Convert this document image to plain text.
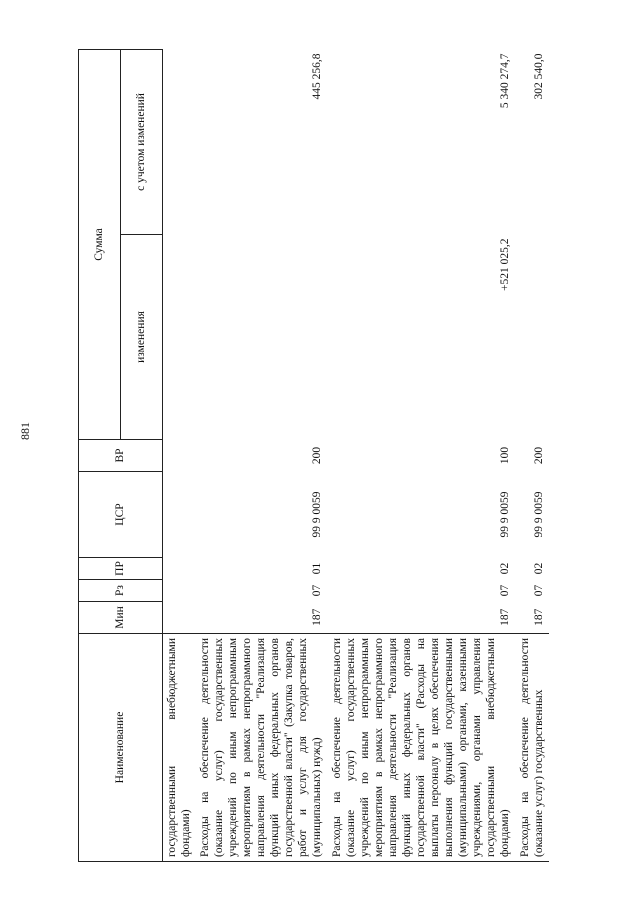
881
Наименование	Мин	Рз	ПР	ЦСР	ВР	Сумма	
						изменения	с учетом изменений
государственными внебюджетными фондами)							
Расходы на обеспечение деятельности (оказание услуг) государственных учреждений по иным непрограммным мероприятиям в рамках непрограммного направления деятельности "Реализация функций иных федеральных органов государственной власти" (Закупка товаров, работ и услуг для государственных (муниципальных) нужд)	187	07	01	99 9 0059	200		445 256,8
Расходы на обеспечение деятельности (оказание услуг) государственных учреждений по иным непрограммным мероприятиям в рамках непрограммного направления деятельности "Реализация функций иных федеральных органов государственной власти" (Расходы на выплаты персоналу в целях обеспечения выполнения функций государственными (муниципальными) органами, казенными учреждениями, органами управления государственными внебюджетными фондами)	187	07	02	99 9 0059	100	+521 025,2	5 340 274,7
Расходы на обеспечение деятельности (оказание услуг) государственных	187	07	02	99 9 0059	200		302 540,0
